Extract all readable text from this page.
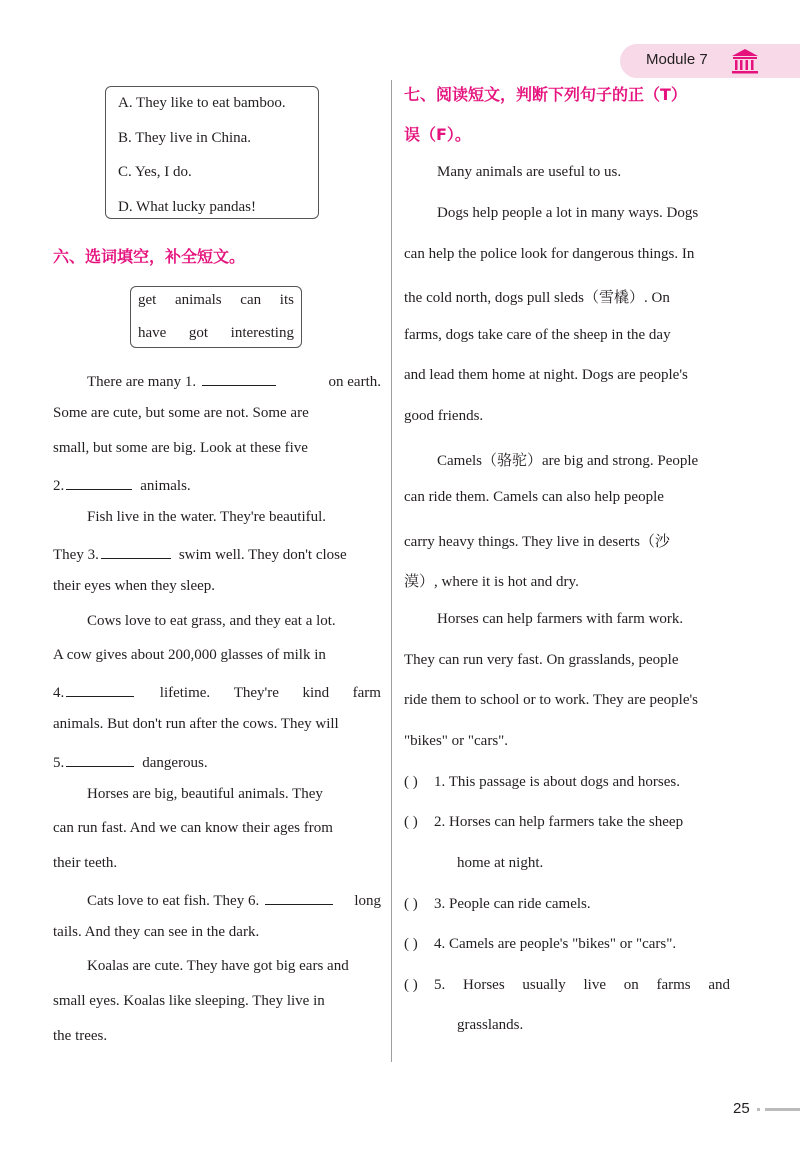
Module 7
A. They like to eat bamboo.
B. They live in China.
C. Yes, I do.
D. What lucky pandas!
六、选词填空，补全短文。
get animals can its
have got interesting
There are many 1.	on earth.
Some are cute, but some are not. Some are
small, but some are big. Look at these five
2.	animals.
Fish live in the water. They're beautiful.
They 3.	swim well. They don't close
their eyes when they sleep.
Cows love to eat grass, and they eat a lot.
A cow gives about 200,000 glasses of milk in
4.	lifetime. They're kind farm
animals. But don't run after the cows. They will
5.	dangerous.
Horses are big, beautiful animals. They
can run fast. And we can know their ages from
their teeth.
Cats love to eat fish. They 6.	long
tails. And they can see in the dark.
Koalas are cute. They have got big ears and
small eyes. Koalas like sleeping. They live in
the trees.
七、阅读短文，判断下列句子的正（T）
误（F）。
Many animals are useful to us.
Dogs help people a lot in many ways. Dogs
can help the police look for dangerous things. In
the cold north, dogs pull sleds（雪橇）. On
farms, dogs take care of the sheep in the day
and lead them home at night. Dogs are people's
good friends.
Camels（骆驼）are big and strong. People
can ride them. Camels can also help people
carry heavy things. They live in deserts（沙
漠）, where it is hot and dry.
Horses can help farmers with farm work.
They can run very fast. On grasslands, people
ride them to school or to work. They are people's
"bikes" or "cars".
( ) 1. This passage is about dogs and horses.
( ) 2. Horses can help farmers take the sheep
home at night.
( ) 3. People can ride camels.
( ) 4. Camels are people's "bikes" or "cars".
( ) 5. Horses usually live on farms and
grasslands.
25
